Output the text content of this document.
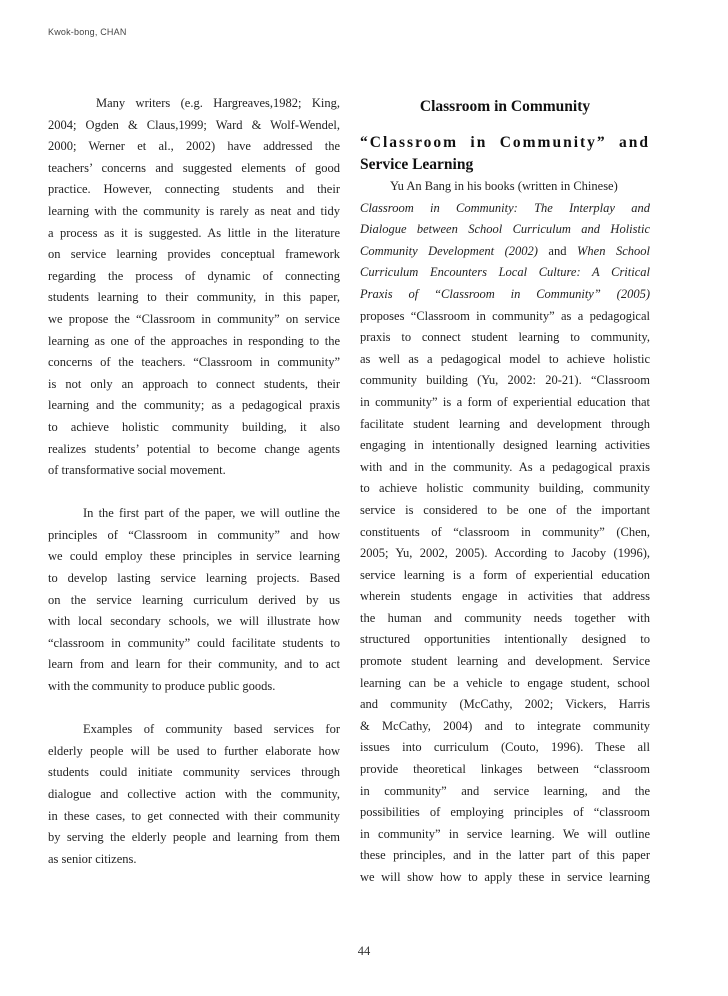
Kwok-bong, CHAN
Many writers (e.g. Hargreaves,1982; King,
2004; Ogden & Claus,1999; Ward & Wolf-Wendel,
2000; Werner et al., 2002) have addressed the
teachers’ concerns and suggested elements of good
practice. However, connecting students and their
learning with the community is rarely as neat and tidy
a process as it is suggested. As little in the literature
on service learning provides conceptual framework
regarding the process of dynamic of connecting
students learning to their community, in this paper,
we propose the “Classroom in community” on service
learning as one of the approaches in responding to the
concerns of the teachers. “Classroom in community”
is not only an approach to connect students, their
learning and the community; as a pedagogical praxis
to achieve holistic community building, it also
realizes students’ potential to become change agents
of transformative social movement.
In the first part of the paper, we will outline the
principles of “Classroom in community” and how
we could employ these principles in service learning
to develop lasting service learning projects. Based
on the service learning curriculum derived by us
with local secondary schools, we will illustrate how
“classroom in community” could facilitate students to
learn from and learn for their community, and to act
with the community to produce public goods.
Examples of community based services for
elderly people will be used to further elaborate how
students could initiate community services through
dialogue and collective action with the community,
in these cases, to get connected with their community
by serving the elderly people and learning from them
as senior citizens.
Classroom in Community
“Classroom in Community” and
Service Learning
Yu An Bang in his books (written in Chinese)
Classroom in Community: The Interplay and
Dialogue between School Curriculum and Holistic
Community Development (2002) and When School
Curriculum Encounters Local Culture: A Critical
Praxis of “Classroom in Community” (2005)
proposes “Classroom in community” as a pedagogical
praxis to connect student learning to community,
as well as a pedagogical model to achieve holistic
community building (Yu, 2002: 20-21). “Classroom
in community” is a form of experiential education that
facilitate student learning and development through
engaging in intentionally designed learning activities
with and in the community. As a pedagogical praxis
to achieve holistic community building, community
service is considered to be one of the important
constituents of “classroom in community” (Chen,
2005; Yu, 2002, 2005). According to Jacoby (1996),
service learning is a form of experiential education
wherein students engage in activities that address
the human and community needs together with
structured opportunities intentionally designed to
promote student learning and development. Service
learning can be a vehicle to engage student, school
and community (McCathy, 2002; Vickers, Harris
& McCathy, 2004) and to integrate community
issues into curriculum (Couto, 1996). These all
provide theoretical linkages between “classroom
in community” and service learning, and the
possibilities of employing principles of “classroom
in community” in service learning. We will outline
these principles, and in the latter part of this paper
we will show how to apply these in service learning
44
